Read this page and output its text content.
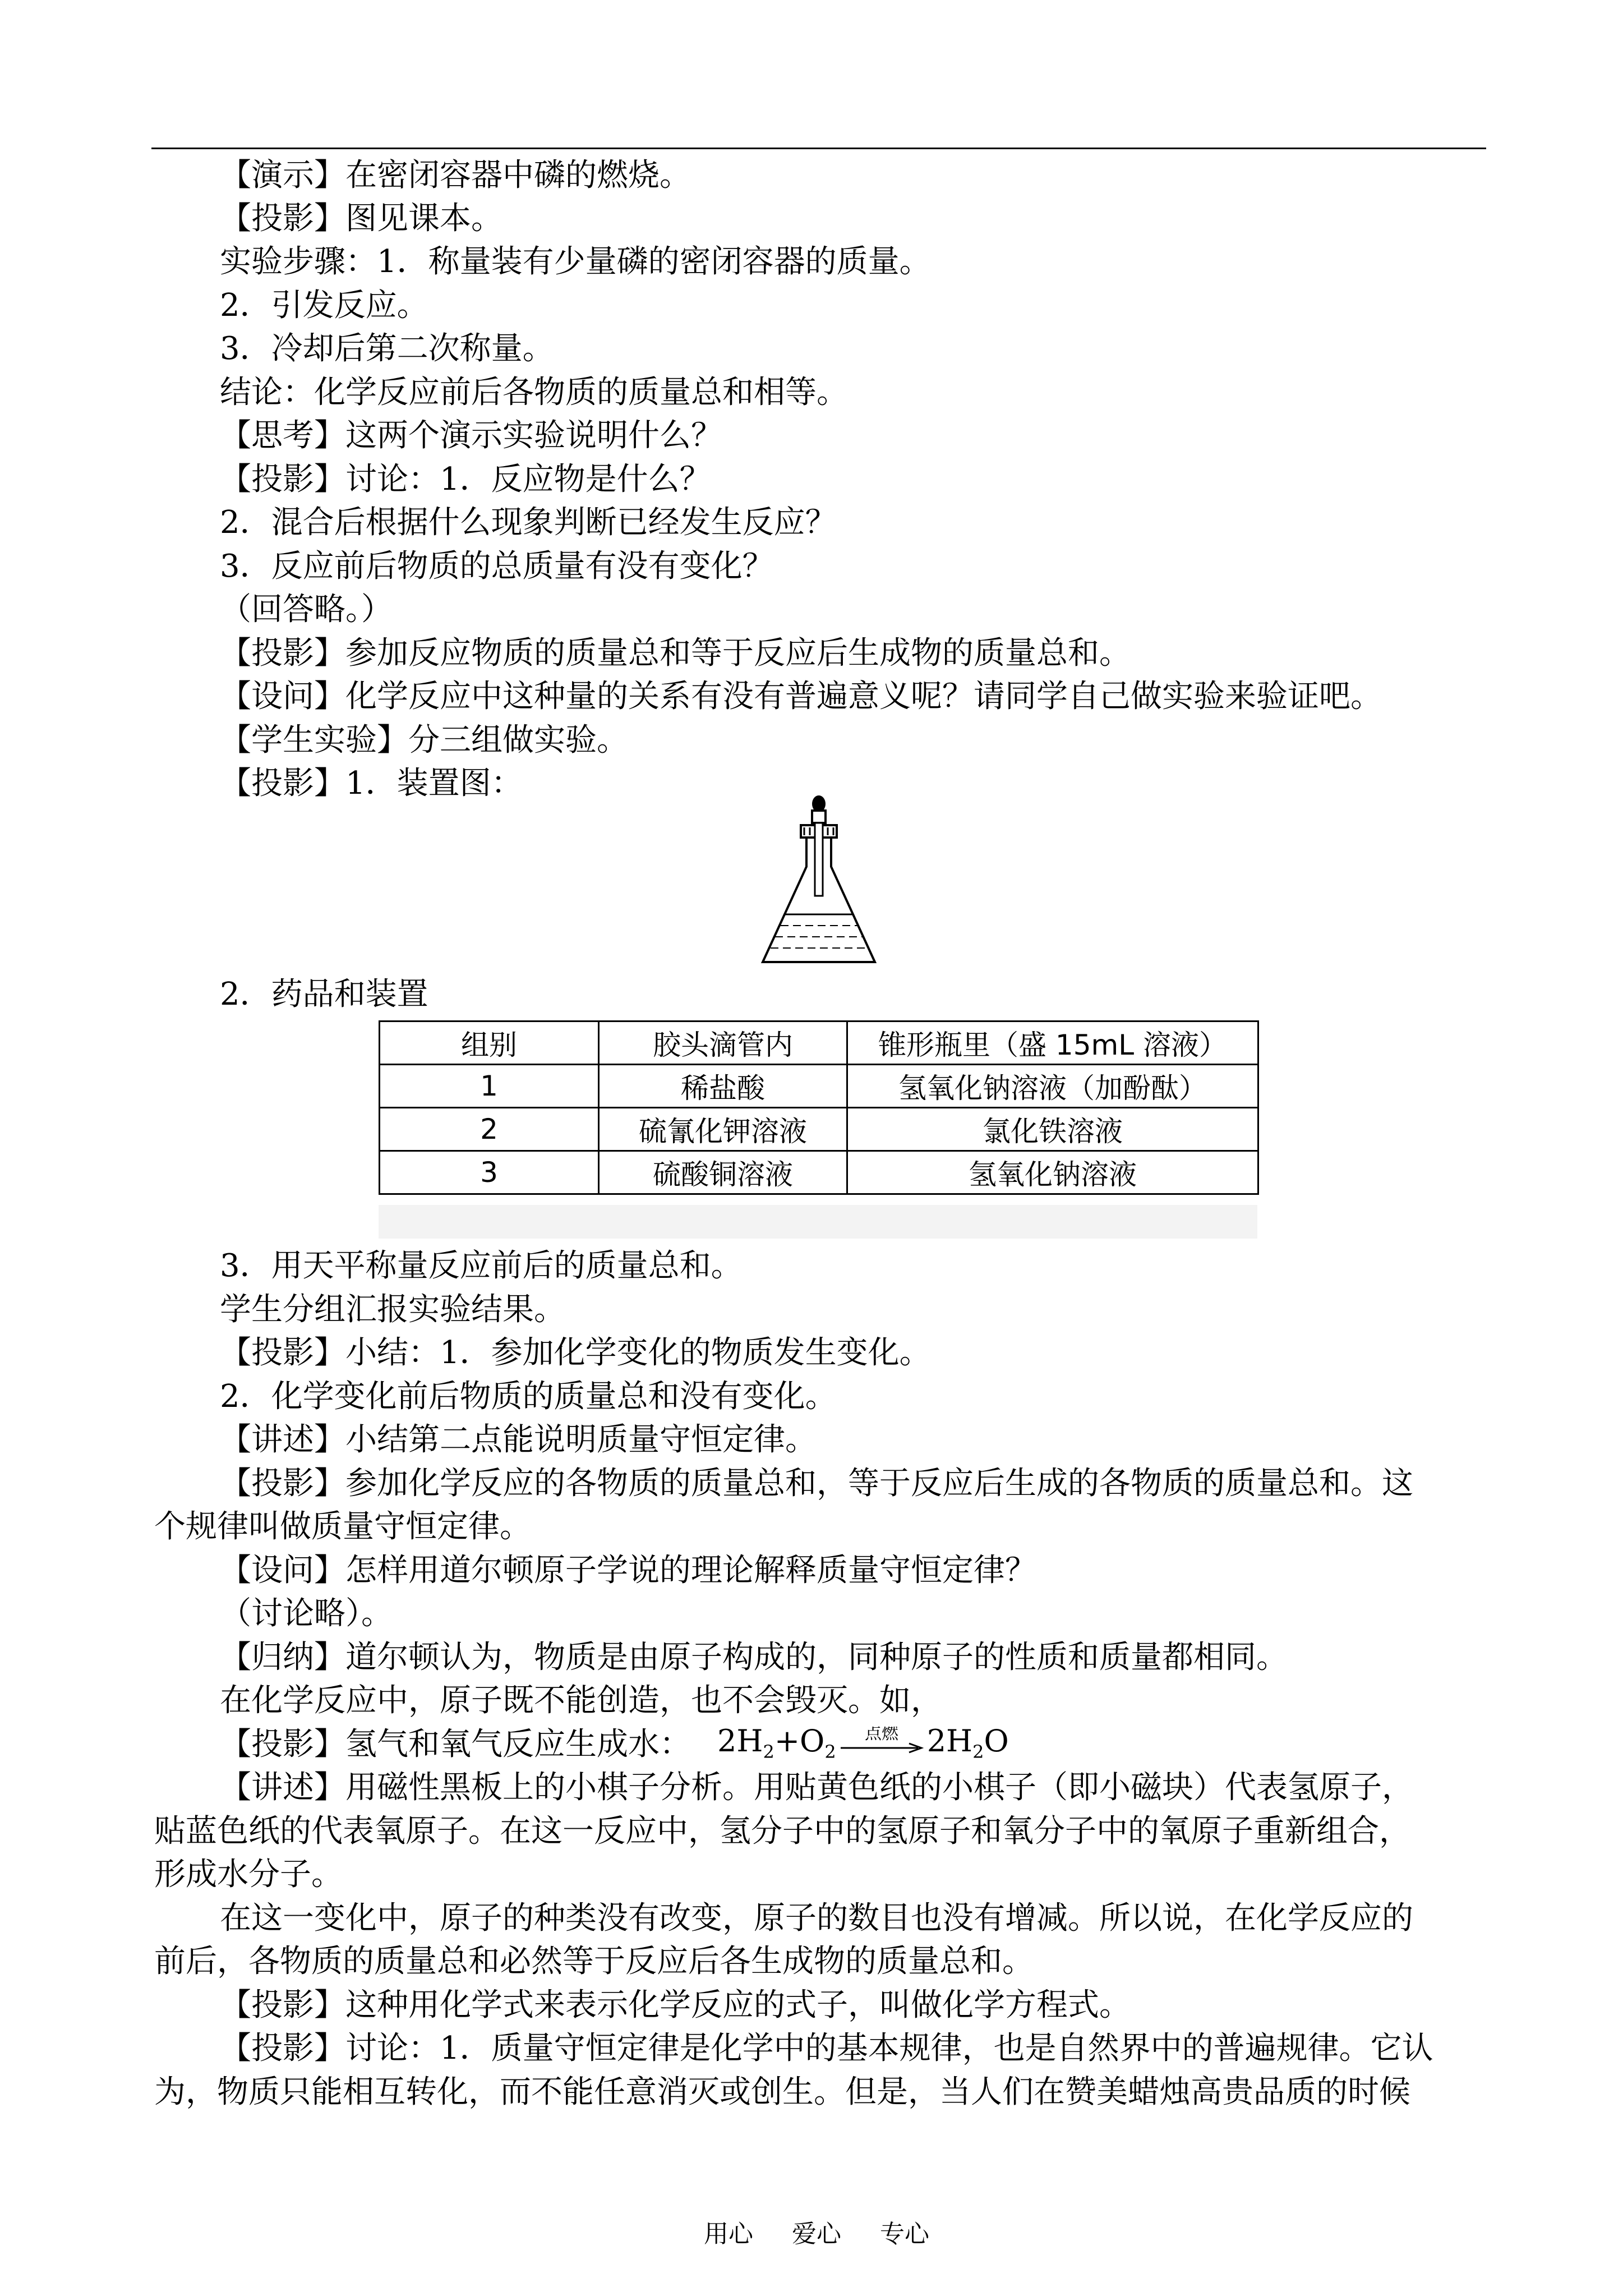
【演示】在密闭容器中磷的燃烧。
【投影】图见课本。
实验步骤：1．称量装有少量磷的密闭容器的质量。
2．引发反应。
3．冷却后第二次称量。
结论：化学反应前后各物质的质量总和相等。
【思考】这两个演示实验说明什么？
【投影】讨论：1．反应物是什么？
2．混合后根据什么现象判断已经发生反应？
3．反应前后物质的总质量有没有变化？
（回答略。）
【投影】参加反应物质的质量总和等于反应后生成物的质量总和。
【设问】化学反应中这种量的关系有没有普遍意义呢？请同学自己做实验来验证吧。
【学生实验】分三组做实验。
【投影】1．装置图：
2．药品和装置
组别	胶头滴管内	锥形瓶里（盛 15mL 溶液）
1	稀盐酸	氢氧化钠溶液（加酚酞）
2	硫氰化钾溶液	氯化铁溶液
3	硫酸铜溶液	氢氧化钠溶液
3．用天平称量反应前后的质量总和。
学生分组汇报实验结果。
【投影】小结：1．参加化学变化的物质发生变化。
2．化学变化前后物质的质量总和没有变化。
【讲述】小结第二点能说明质量守恒定律。
【投影】参加化学反应的各物质的质量总和，等于反应后生成的各物质的质量总和。这
个规律叫做质量守恒定律。
【设问】怎样用道尔顿原子学说的理论解释质量守恒定律？
（讨论略）。
【归纳】道尔顿认为，物质是由原子构成的，同种原子的性质和质量都相同。
在化学反应中，原子既不能创造，也不会毁灭。如，
【投影】氢气和氧气反应生成水： $2H_2+O_2$
点燃 $2H_2O$
【讲述】用磁性黑板上的小棋子分析。用贴黄色纸的小棋子（即小磁块）代表氢原子，
贴蓝色纸的代表氧原子。在这一反应中，氢分子中的氢原子和氧分子中的氧原子重新组合，
形成水分子。
在这一变化中，原子的种类没有改变，原子的数目也没有增减。所以说，在化学反应的
前后，各物质的质量总和必然等于反应后各生成物的质量总和。
【投影】这种用化学式来表示化学反应的式子，叫做化学方程式。
【投影】讨论：1．质量守恒定律是化学中的基本规律，也是自然界中的普遍规律。它认
为，物质只能相互转化，而不能任意消灭或创生。但是，当人们在赞美蜡烛高贵品质的时候
用心 爱心 专心
